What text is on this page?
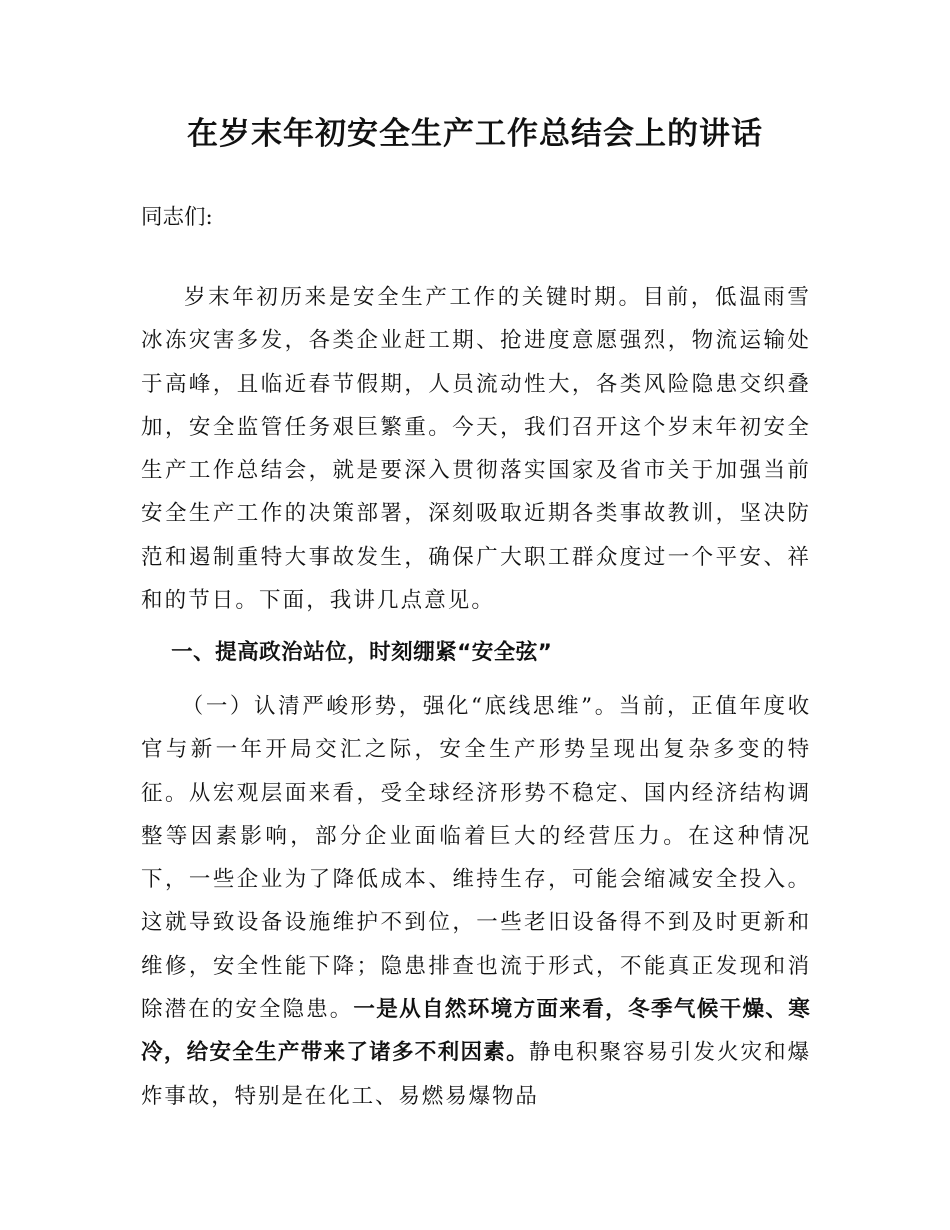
在岁末年初安全生产工作总结会上的讲话

同志们:

岁末年初历来是安全生产工作的关键时期。目前，低温雨雪冰冻灾害多发，各类企业赶工期、抢进度意愿强烈，物流运输处于高峰，且临近春节假期，人员流动性大，各类风险隐患交织叠加，安全监管任务艰巨繁重。今天，我们召开这个岁末年初安全生产工作总结会，就是要深入贯彻落实国家及省市关于加强当前安全生产工作的决策部署，深刻吸取近期各类事故教训，坚决防范和遏制重特大事故发生，确保广大职工群众度过一个平安、祥和的节日。下面，我讲几点意见。

一、提高政治站位，时刻绷紧“安全弦”

（一）认清严峻形势，强化“底线思维”。当前，正值年度收官与新一年开局交汇之际，安全生产形势呈现出复杂多变的特征。从宏观层面来看，受全球经济形势不稳定、国内经济结构调整等因素影响，部分企业面临着巨大的经营压力。在这种情况下，一些企业为了降低成本、维持生存，可能会缩减安全投入。这就导致设备设施维护不到位，一些老旧设备得不到及时更新和维修，安全性能下降；隐患排查也流于形式，不能真正发现和消除潜在的安全隐患。一是从自然环境方面来看，冬季气候干燥、寒冷，给安全生产带来了诸多不利因素。静电积聚容易引发火灾和爆炸事故，特别是在化工、易燃易爆物品
